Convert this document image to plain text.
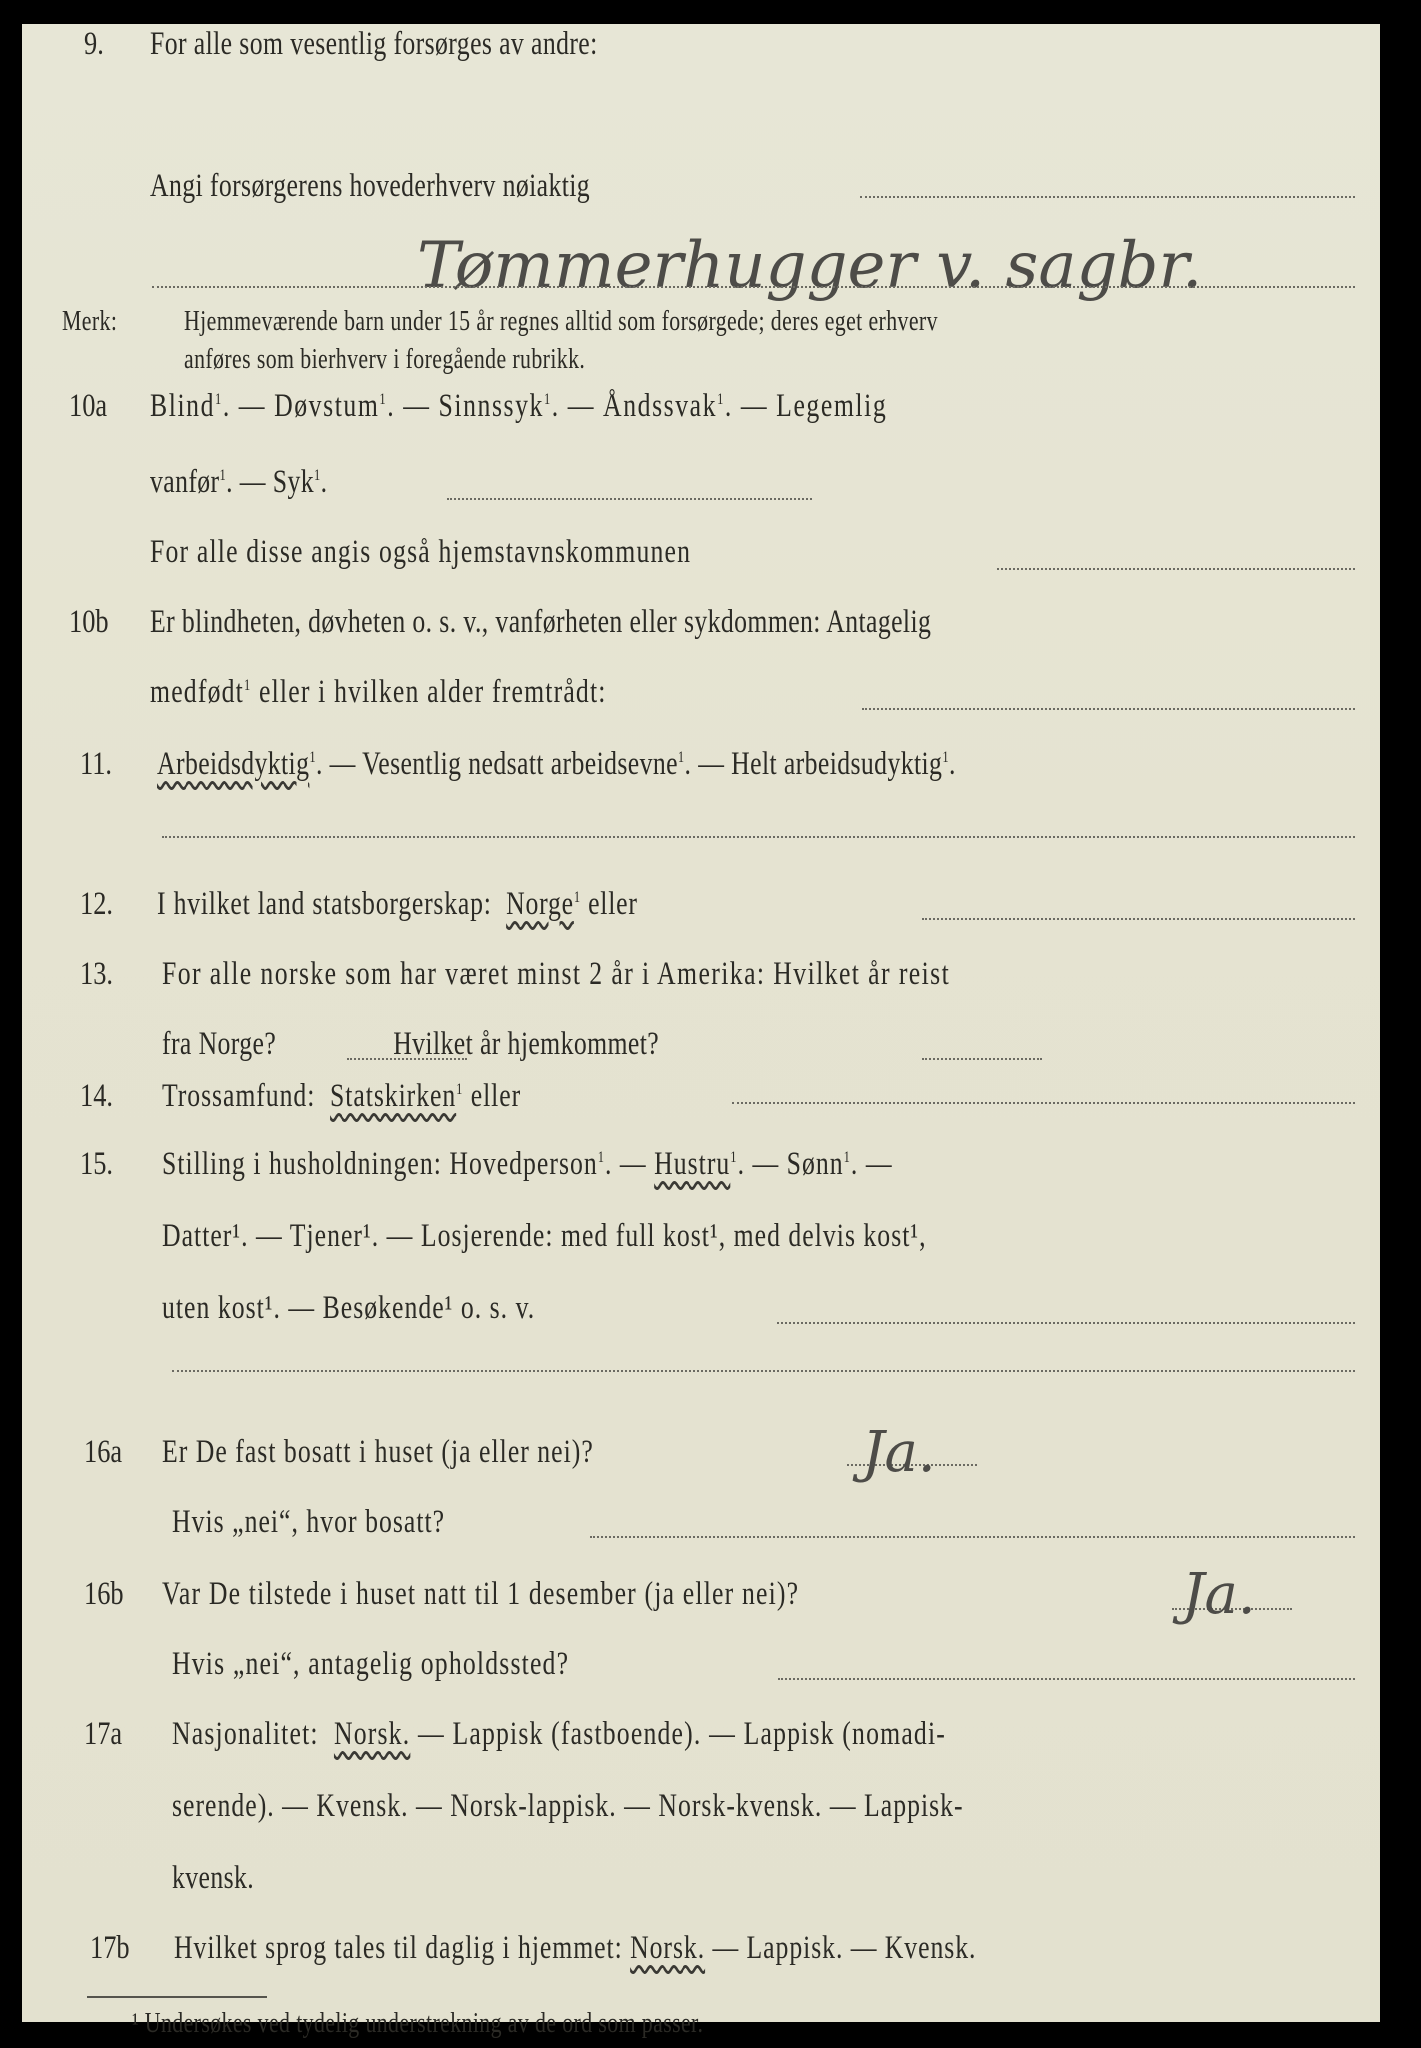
9. For alle som vesentlig forsørges av andre:
Angi forsørgerens hovederhverv nøiaktig
Tømmerhugger v. sagbr.
Merk: Hjemmeværende barn under 15 år regnes alltid som forsørgede; deres eget erhverv
anføres som bierhverv i foregående rubrikk.
10a Blind$^1$. — Døvstum$^1$. — Sinnssyk$^1$. — Åndssvak$^1$. — Legemlig
vanfør$^1$. — Syk$^1$.
For alle disse angis også hjemstavnskommunen
10b Er blindheten, døvheten o. s. v., vanførheten eller sykdommen: Antagelig
medfødt$^1$ eller i hvilken alder fremtrådt:
11. Arbeidsdyktig$^1$. — Vesentlig nedsatt arbeidsevne$^1$. — Helt arbeidsudyktig$^1$.
12. I hvilket land statsborgerskap: Norge$^1$ eller
13. For alle norske som har været minst 2 år i Amerika: Hvilket år reist
fra Norge?	Hvilket år hjemkommet?
14. Trossamfund: Statskirken$^1$ eller
15. Stilling i husholdningen: Hovedperson$^1$. — Hustru$^1$. — Sønn$^1$. —
Datter¹. — Tjener¹. — Losjerende: med full kost¹, med delvis kost¹,
uten kost¹. — Besøkende¹ o. s. v.
16a Er De fast bosatt i huset (ja eller nei)?	Ja.
Hvis „nei“, hvor bosatt?
16b Var De tilstede i huset natt til 1 desember (ja eller nei)?	Ja.
Hvis „nei“, antagelig opholdssted?
17a Nasjonalitet: Norsk. — Lappisk (fastboende). — Lappisk (nomadi-
serende). — Kvensk. — Norsk-lappisk. — Norsk-kvensk. — Lappisk-
kvensk.
17b Hvilket sprog tales til daglig i hjemmet: Norsk. — Lappisk. — Kvensk.
¹ Undersøkes ved tydelig understrekning av de ord som passer.
